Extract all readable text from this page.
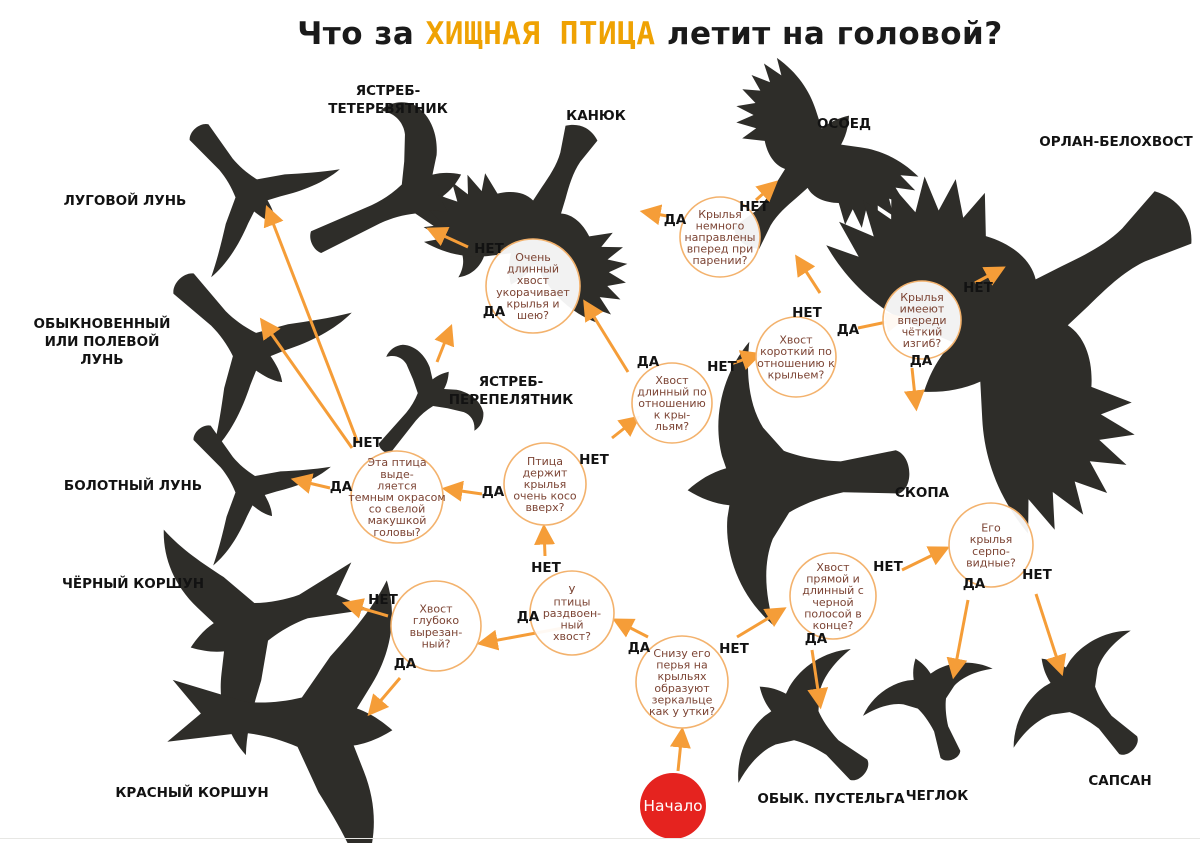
Что за ХИЩНАЯ ПТИЦА летит на головой?
Крылья немного направлены вперед при парении?
Очень длинный хвост укорачивает крылья и шею?
Хвост короткий по отношению к крыльем?
Крылья имееют впереди чёткий изгиб?
Хвост длинный по отношению к кры-льям?
Птица держит крылья очень косо вверх?
Эта птица выде-ляется темным окрасом со свелой макушкой головы?
У птицы раздвоен-ный хвост?
Хвост глубоко вырезан-ный?
Снизу его перья на крыльях образуют зеркальце как у утки?
Хвост прямой и длинный с черной полосой в конце?
Его крылья серпо-видные?
ДА
НЕТ
НЕТ
ДА	НЕТ
ДА
НЕТ
ДА
ДА	НЕТ
НЕТ
ДА
НЕТ
ДА
НЕТ
ДА
НЕТ
ДА
ДА	НЕТ
НЕТ
ДА
ДА
НЕТ
ЛУГОВОЙ ЛУНЬ
ЯСТРЕБ-ТЕТЕРЕВЯТНИК	КАНЮК	ОСОЕД
ОРЛАН-БЕЛОХВОСТ
ОБЫКНОВЕННЫЙ ИЛИ ПОЛЕВОЙ ЛУНЬ
БОЛОТНЫЙ ЛУНЬ
ЯСТРЕБ-ПЕРЕПЕЛЯТНИК
СКОПА
ЧЁРНЫЙ КОРШУН
КРАСНЫЙ КОРШУН	ОБЫК. ПУСТЕЛЬГА ЧЕГЛОК
САПСАН
Начало
